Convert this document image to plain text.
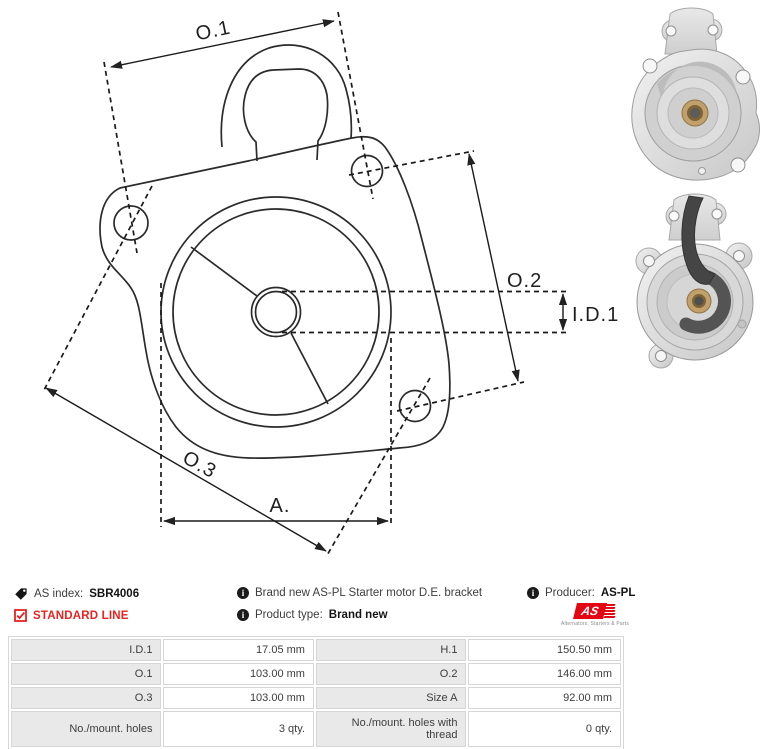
O.1
O.2
I.D.1
O.3
A.
AS index: SBR4006	i Brand new AS-PL Starter motor D.E. bracket	i Producer: AS-PL
STANDARD LINE	i Product type: Brand new	AS
Alternators, Starters & Parts
I.D.1	17.05 mm	H.1	150.50 mm
O.1	103.00 mm	O.2	146.00 mm
O.3	103.00 mm	Size A	92.00 mm
No./mount. holes	3 qty.	No./mount. holes with thread	0 qty.
